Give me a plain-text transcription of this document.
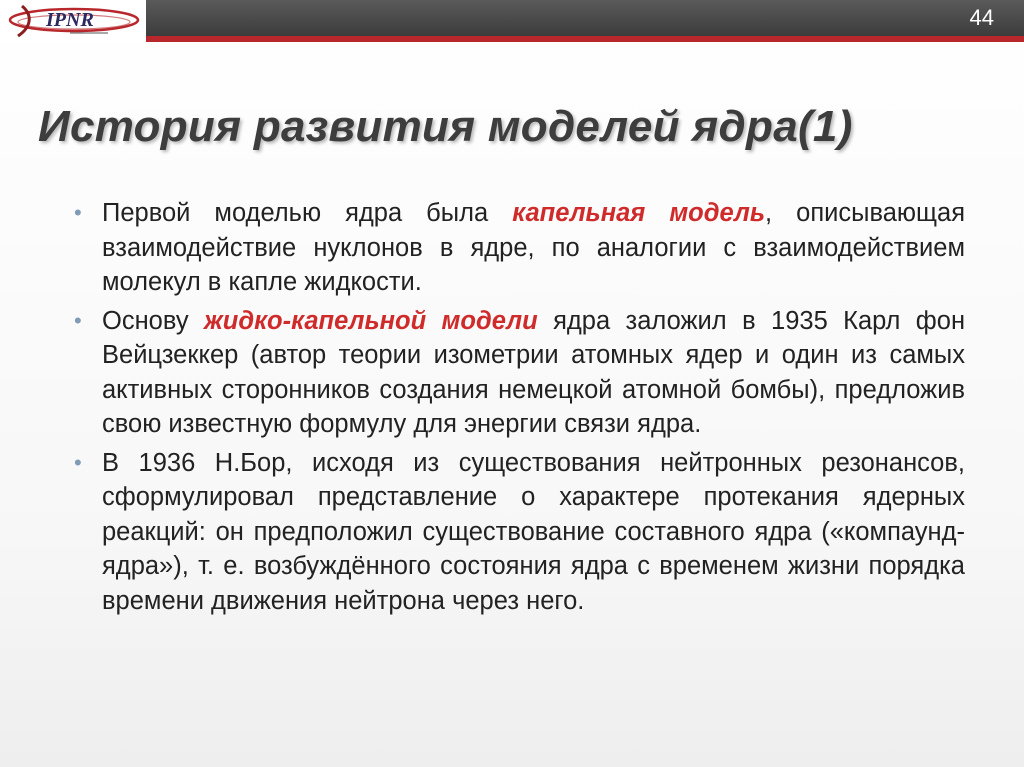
IPNR	44
История развития моделей ядра(1)
• Первой моделью ядра была капельная модель, описывающая взаимодействие нуклонов в ядре, по аналогии с взаимодействием молекул в капле жидкости.
• Основу жидко-капельной модели ядра заложил в 1935 Карл фон Вейцзеккер (автор теории изометрии атомных ядер и один из самых активных сторонников создания немецкой атомной бомбы), предложив свою известную формулу для энергии связи ядра.
• В 1936 Н.Бор, исходя из существования нейтронных резонансов, сформулировал представление о характере протекания ядерных реакций: он предположил существование составного ядра («компаунд-ядра»), т. е. возбуждённого состояния ядра с временем жизни порядка времени движения нейтрона через него.
